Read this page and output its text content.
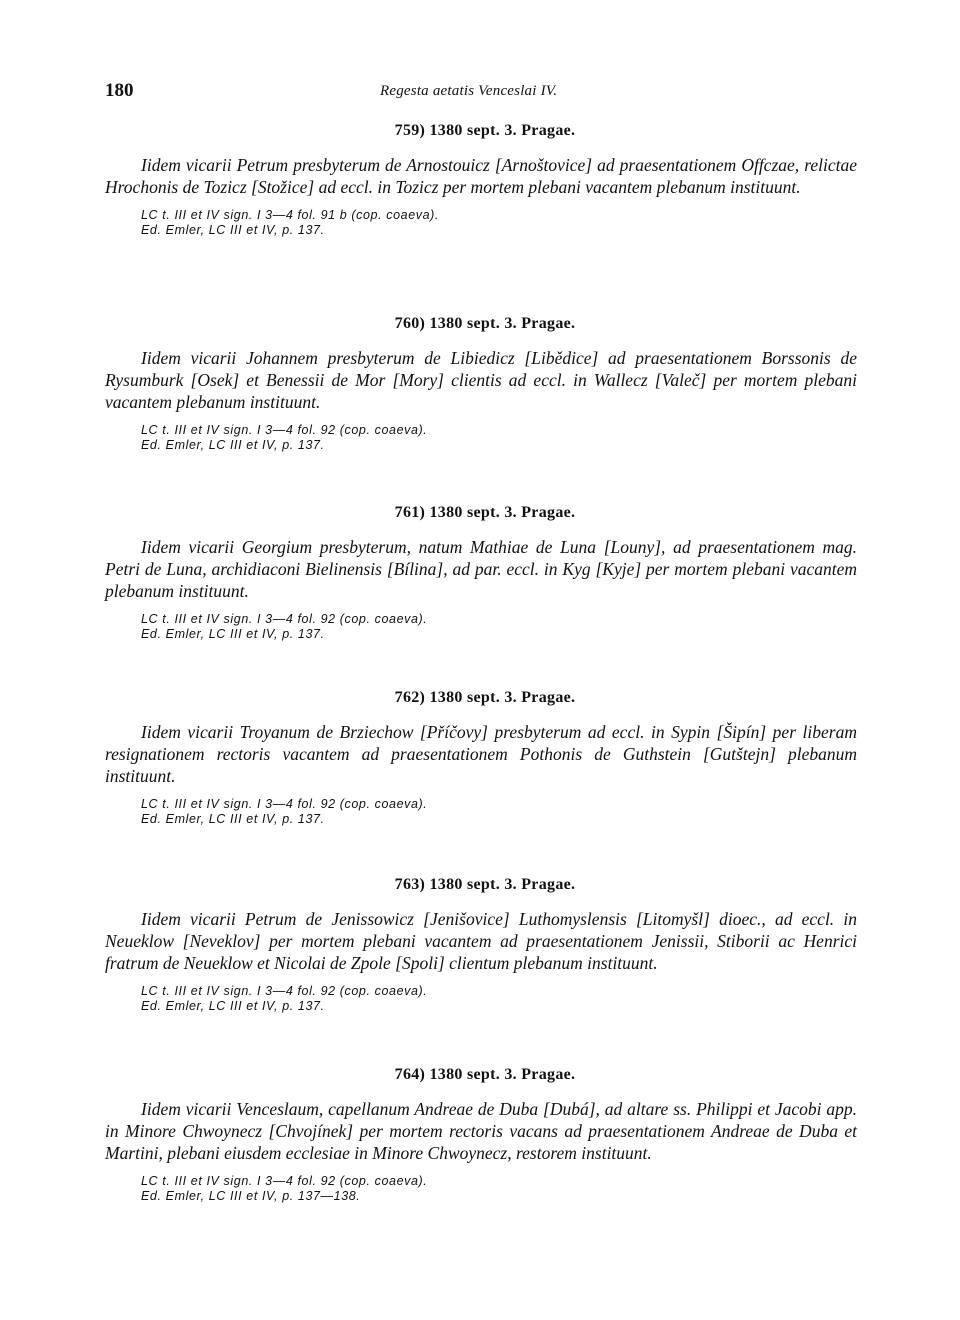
180	Regesta aetatis Venceslai IV.
759) 1380 sept. 3. Pragae.

Iidem vicarii Petrum presbyterum de Arnostouicz [Arnoštovice] ad praesentationem Offczae, relictae Hrochonis de Tozicz [Stožice] ad eccl. in Tozicz per mortem plebani vacantem plebanum instituunt.

LC t. III et IV sign. I 3—4 fol. 91 b (cop. coaeva).
Ed. Emler, LC III et IV, p. 137.
760) 1380 sept. 3. Pragae.

Iidem vicarii Johannem presbyterum de Libiedicz [Libědice] ad praesentationem Borssonis de Rysumburk [Osek] et Benessii de Mor [Mory] clientis ad eccl. in Wallecz [Valeč] per mortem plebani vacantem plebanum instituunt.

LC t. III et IV sign. I 3—4 fol. 92 (cop. coaeva).
Ed. Emler, LC III et IV, p. 137.
761) 1380 sept. 3. Pragae.

Iidem vicarii Georgium presbyterum, natum Mathiae de Luna [Louny], ad praesentationem mag. Petri de Luna, archidiaconi Bielinensis [Bílina], ad par. eccl. in Kyg [Kyje] per mortem plebani vacantem plebanum instituunt.

LC t. III et IV sign. I 3—4 fol. 92 (cop. coaeva).
Ed. Emler, LC III et IV, p. 137.
762) 1380 sept. 3. Pragae.

Iidem vicarii Troyanum de Brziechow [Příčovy] presbyterum ad eccl. in Sypin [Šipín] per liberam resignationem rectoris vacantem ad praesentationem Pothonis de Guthstein [Gutštejn] plebanum instituunt.

LC t. III et IV sign. I 3—4 fol. 92 (cop. coaeva).
Ed. Emler, LC III et IV, p. 137.
763) 1380 sept. 3. Pragae.

Iidem vicarii Petrum de Jenissowicz [Jenišovice] Luthomyslensis [Litomyšl] dioec., ad eccl. in Neueklow [Neveklov] per mortem plebani vacantem ad praesentationem Jenissii, Stiborii ac Henrici fratrum de Neueklow et Nicolai de Zpole [Spoli] clientum plebanum instituunt.

LC t. III et IV sign. I 3—4 fol. 92 (cop. coaeva).
Ed. Emler, LC III et IV, p. 137.
764) 1380 sept. 3. Pragae.

Iidem vicarii Venceslaum, capellanum Andreae de Duba [Dubá], ad altare ss. Philippi et Jacobi app. in Minore Chwoynecz [Chvojínek] per mortem rectoris vacans ad praesentationem Andreae de Duba et Martini, plebani eiusdem ecclesiae in Minore Chwoynecz, restorem instituunt.

LC t. III et IV sign. I 3—4 fol. 92 (cop. coaeva).
Ed. Emler, LC III et IV, p. 137—138.
